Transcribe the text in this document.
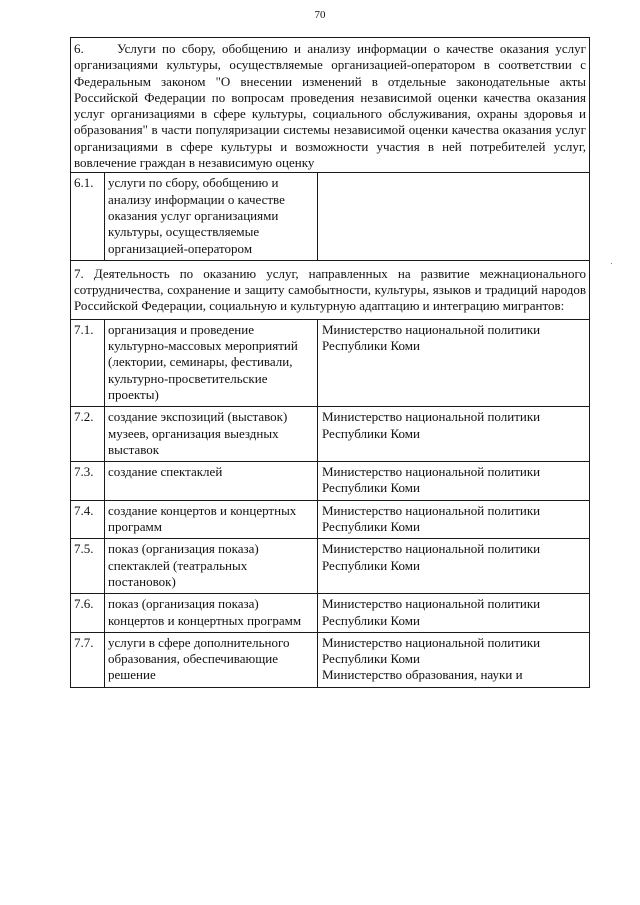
70
6. Услуги по сбору, обобщению и анализу информации о качестве оказания услуг организациями культуры, осуществляемые организацией-оператором в соответствии с Федеральным законом "О внесении изменений в отдельные законодательные акты Российской Федерации по вопросам проведения независимой оценки качества оказания услуг организациями в сфере культуры, социального обслуживания, охраны здоровья и образования" в части популяризации системы независимой оценки качества оказания услуг организациями в сфере культуры и возможности участия в ней потребителей услуг, вовлечение граждан в независимую оценку		
6.1.	услуги по сбору, обобщению и анализу информации о качестве оказания услуг организациями культуры, осуществляемые организацией-оператором	
7. Деятельность по оказанию услуг, направленных на развитие межнационального сотрудничества, сохранение и защиту самобытности, культуры, языков и традиций народов Российской Федерации, социальную и культурную адаптацию и интеграцию мигрантов:		
7.1.	организация и проведение культурно-массовых мероприятий (лектории, семинары, фестивали, культурно-просветительские проекты)	Министерство национальной политики Республики Коми
7.2.	создание экспозиций (выставок) музеев, организация выездных выставок	Министерство национальной политики Республики Коми
7.3.	создание спектаклей	Министерство национальной политики Республики Коми
7.4.	создание концертов и концертных программ	Министерство национальной политики Республики Коми
7.5.	показ (организация показа) спектаклей (театральных постановок)	Министерство национальной политики Республики Коми
7.6.	показ (организация показа) концертов и концертных программ	Министерство национальной политики Республики Коми
7.7.	услуги в сфере дополнительного образования, обеспечивающие решение	Министерство национальной политики Республики Коми
Министерство образования, науки и
